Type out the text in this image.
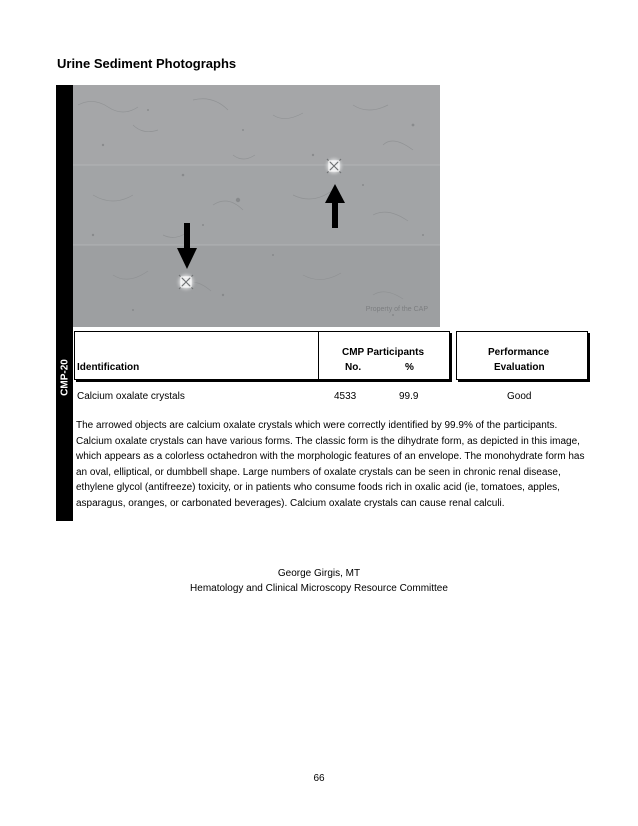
Urine Sediment Photographs
CMP-20
Property of the CAP
Identification
CMP Participants
No.	%
Performance
Evaluation
Calcium oxalate crystals	4533	99.9	Good
The arrowed objects are calcium oxalate crystals which were correctly identified by 99.9% of the participants. Calcium oxalate crystals can have various forms. The classic form is the dihydrate form, as depicted in this image, which appears as a colorless octahedron with the morphologic features of an envelope. The monohydrate form has an oval, elliptical, or dumbbell shape. Large numbers of oxalate crystals can be seen in chronic renal disease, ethylene glycol (antifreeze) toxicity, or in patients who consume foods rich in oxalic acid (ie, tomatoes, apples, asparagus, oranges, or carbonated beverages). Calcium oxalate crystals can cause renal calculi.
George Girgis, MT
Hematology and Clinical Microscopy Resource Committee
66
